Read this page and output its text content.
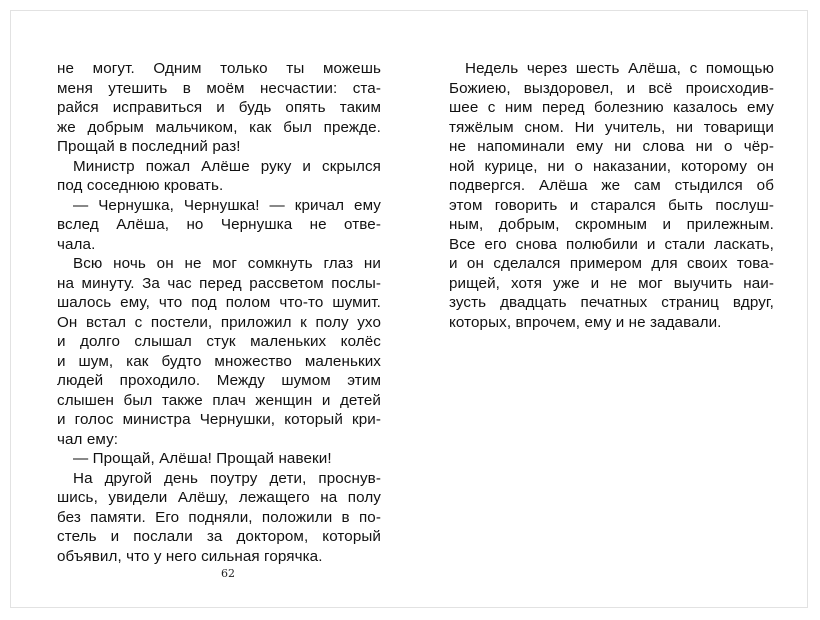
не могут. Одним только ты можешь
меня утешить в моём несчастии: ста-
райся исправиться и будь опять таким
же добрым мальчиком, как был прежде.
Прощай в последний раз!
Министр пожал Алёше руку и скрылся
под соседнюю кровать.
— Чернушка, Чернушка! — кричал ему
вслед Алёша, но Чернушка не отве-
чала.
Всю ночь он не мог сомкнуть глаз ни
на минуту. За час перед рассветом послы-
шалось ему, что под полом что-то шумит.
Он встал с постели, приложил к полу ухо
и долго слышал стук маленьких колёс
и шум, как будто множество маленьких
людей проходило. Между шумом этим
слышен был также плач женщин и детей
и голос министра Чернушки, который кри-
чал ему:
— Прощай, Алёша! Прощай навеки!
На другой день поутру дети, проснув-
шись, увидели Алёшу, лежащего на полу
без памяти. Его подняли, положили в по-
стель и послали за доктором, который
объявил, что у него сильная горячка.
62
Недель через шесть Алёша, с помощью
Божиею, выздоровел, и всё происходив-
шее с ним перед болезнию казалось ему
тяжёлым сном. Ни учитель, ни товарищи
не напоминали ему ни слова ни о чёр-
ной курице, ни о наказании, которому он
подвергся. Алёша же сам стыдился об
этом говорить и старался быть послуш-
ным, добрым, скромным и прилежным.
Все его снова полюбили и стали ласкать,
и он сделался примером для своих това-
рищей, хотя уже и не мог выучить наи-
зусть двадцать печатных страниц вдруг,
которых, впрочем, ему и не задавали.
